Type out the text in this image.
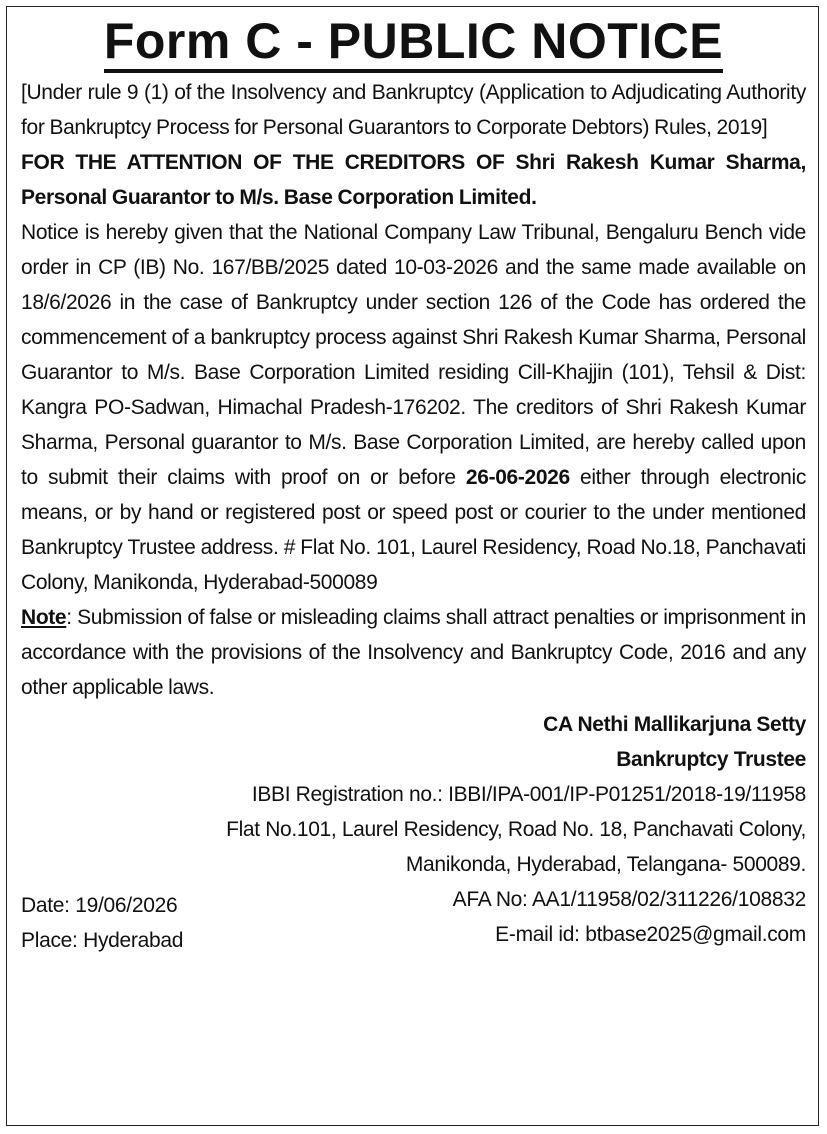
Form C - PUBLIC NOTICE

[Under rule 9 (1) of the Insolvency and Bankruptcy (Application to Adjudicating Authority for Bankruptcy Process for Personal Guarantors to Corporate Debtors) Rules, 2019]

FOR THE ATTENTION OF THE CREDITORS OF Shri Rakesh Kumar Sharma, Personal Guarantor to M/s. Base Corporation Limited.

Notice is hereby given that the National Company Law Tribunal, Bengaluru Bench vide order in CP (IB) No. 167/BB/2025 dated 10-03-2026 and the same made available on 18/6/2026 in the case of Bankruptcy under section 126 of the Code has ordered the commencement of a bankruptcy process against Shri Rakesh Kumar Sharma, Personal Guarantor to M/s. Base Corporation Limited residing Cill-Khajjin (101), Tehsil & Dist: Kangra PO-Sadwan, Himachal Pradesh-176202. The creditors of Shri Rakesh Kumar Sharma, Personal guarantor to M/s. Base Corporation Limited, are hereby called upon to submit their claims with proof on or before 26-06-2026 either through electronic means, or by hand or registered post or speed post or courier to the under mentioned Bankruptcy Trustee address. # Flat No. 101, Laurel Residency, Road No.18, Panchavati Colony, Manikonda, Hyderabad-500089

Note: Submission of false or misleading claims shall attract penalties or imprisonment in accordance with the provisions of the Insolvency and Bankruptcy Code, 2016 and any other applicable laws.

CA Nethi Mallikarjuna Setty
Bankruptcy Trustee
IBBI Registration no.: IBBI/IPA-001/IP-P01251/2018-19/11958
Flat No.101, Laurel Residency, Road No. 18, Panchavati Colony,
Manikonda, Hyderabad, Telangana- 500089.
Date: 19/06/2026
Place: Hyderabad
AFA No: AA1/11958/02/311226/108832
E-mail id: btbase2025@gmail.com
